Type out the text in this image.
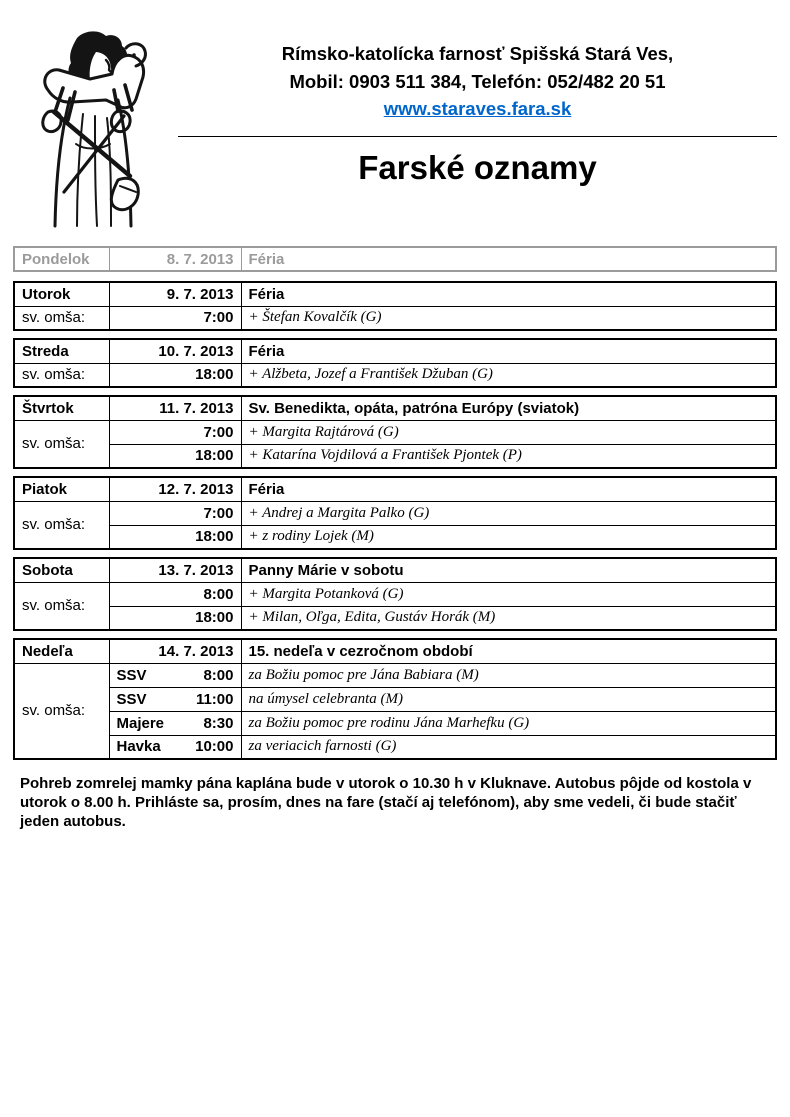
Rímsko-katolícka farnosť Spišská Stará Ves,
Mobil: 0903 511 384, Telefón: 052/482 20 51
www.staraves.fara.sk
Farské oznamy
Pondelok	8. 7. 2013	Féria
Utorok	9. 7. 2013	Féria
sv. omša:	7:00	+ Štefan Kovalčík (G)
Streda	10. 7. 2013	Féria
sv. omša:	18:00	+ Alžbeta, Jozef a František Džuban (G)
Štvrtok	11. 7. 2013	Sv. Benedikta, opáta, patróna Európy (sviatok)
sv. omša:	7:00	+ Margita Rajtárová (G)
	18:00	+ Katarína Vojdilová a František Pjontek (P)
Piatok	12. 7. 2013	Féria
sv. omša:	7:00	+ Andrej a Margita Palko (G)
	18:00	+ z rodiny Lojek (M)
Sobota	13. 7. 2013	Panny Márie v sobotu
sv. omša:	8:00	+ Margita Potanková (G)
	18:00	+ Milan, Oľga, Edita, Gustáv Horák (M)
Nedeľa	14. 7. 2013	15. nedeľa v cezročnom období
sv. omša:	SSV 8:00	za Božiu pomoc pre Jána Babiara (M)

	SSV 11:00	na úmysel celebranta (M)

	Majere 8:30	za Božiu pomoc pre rodinu Jána Marhefku (G)

	Havka 10:00	za veriacich farnosti (G)

Pohreb zomrelej mamky pána kaplána bude v utorok o 10.30 h v Kluknave. Autobus pôjde od kostola v utorok o 8.00 h. Prihláste sa, prosím, dnes na fare (stačí aj telefónom), aby sme vedeli, či bude stačiť jeden autobus.
